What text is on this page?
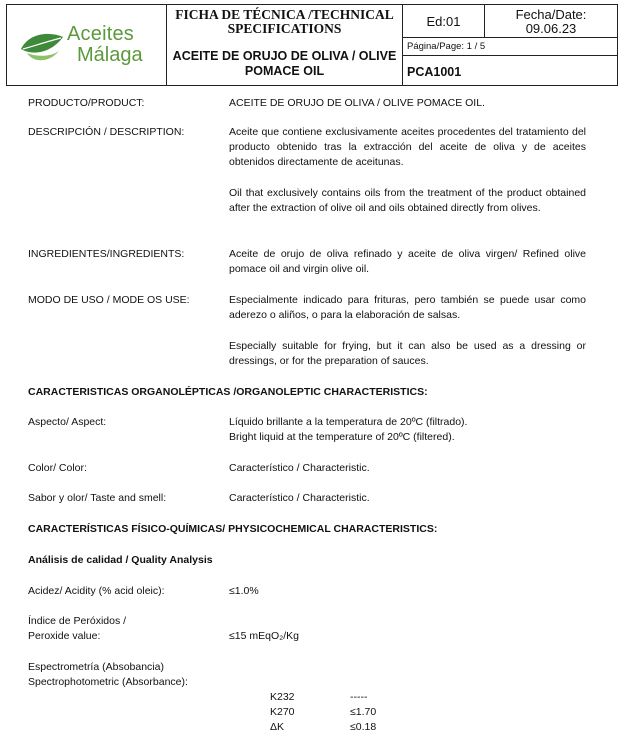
Aceites
Málaga
FICHA DE TÉCNICA /TECHNICAL SPECIFICATIONS
ACEITE DE ORUJO DE OLIVA / OLIVE POMACE OIL
Ed:01	Fecha/Date:
09.06.23
Página/Page: 1 / 5
PCA1001
PRODUCTO/PRODUCT:	ACEITE DE ORUJO DE OLIVA / OLIVE POMACE OIL.
DESCRIPCIÓN / DESCRIPTION:	Aceite que contiene exclusivamente aceites procedentes del tratamiento del producto obtenido tras la extracción del aceite de oliva y de aceites obtenidos directamente de aceitunas.
Oil that exclusively contains oils from the treatment of the product obtained after the extraction of olive oil and oils obtained directly from olives.
INGREDIENTES/INGREDIENTS:	Aceite de orujo de oliva refinado y aceite de oliva virgen/ Refined olive pomace oil and virgin olive oil.
MODO DE USO / MODE OS USE:	Especialmente indicado para frituras, pero también se puede usar como aderezo o aliños, o para la elaboración de salsas.
Especially suitable for frying, but it can also be used as a dressing or dressings, or for the preparation of sauces.
CARACTERISTICAS ORGANOLÉPTICAS /ORGANOLEPTIC CHARACTERISTICS:
Aspecto/ Aspect:	Líquido brillante a la temperatura de 20ºC (filtrado).
Bright liquid at the temperature of 20ºC (filtered).
Color/ Color:	Característico / Characteristic.
Sabor y olor/ Taste and smell:	Característico / Characteristic.
CARACTERÍSTICAS FÍSICO-QUÍMICAS/ PHYSICOCHEMICAL CHARACTERISTICS:
Análisis de calidad / Quality Analysis
Acidez/ Acidity (% acid oleic):	≤1.0%
Índice de Peróxidos /
Peroxide value:	≤15 mEqO₂/Kg
Espectrometría (Absobancia)
Spectrophotometric (Absorbance):
K232	-----
K270	≤1.70
ΔK	≤0.18
